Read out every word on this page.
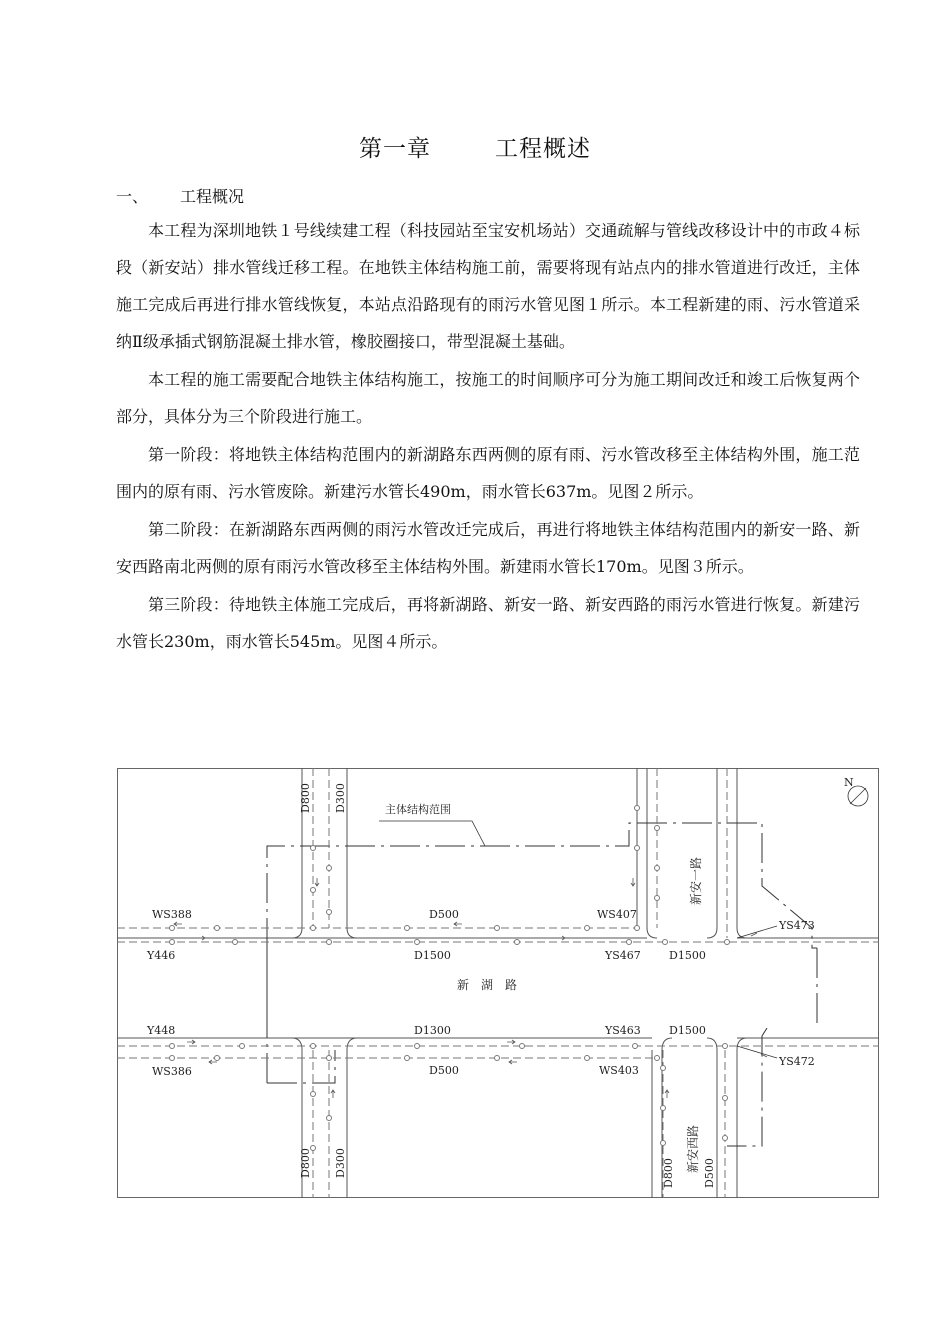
第一章	工程概述
一、 工程概况

本工程为深圳地铁１号线续建工程（科技园站至宝安机场站）交通疏解与管线改移设计中的市政４标段（新安站）排水管线迁移工程。在地铁主体结构施工前，需要将现有站点内的排水管道进行改迁，主体施工完成后再进行排水管线恢复，本站点沿路现有的雨污水管见图１所示。本工程新建的雨、污水管道采纳Ⅱ级承插式钢筋混凝土排水管，橡胶圈接口，带型混凝土基础。

本工程的施工需要配合地铁主体结构施工，按施工的时间顺序可分为施工期间改迁和竣工后恢复两个部分，具体分为三个阶段进行施工。

第一阶段：将地铁主体结构范围内的新湖路东西两侧的原有雨、污水管改移至主体结构外围，施工范围内的原有雨、污水管废除。新建污水管长490m，雨水管长637m。见图２所示。

第二阶段：在新湖路东西两侧的雨污水管改迁完成后，再进行将地铁主体结构范围内的新安一路、新安西路南北两侧的原有雨污水管改移至主体结构外围。新建雨水管长170m。见图３所示。

第三阶段：待地铁主体施工完成后，再将新湖路、新安一路、新安西路的雨污水管进行恢复。新建污水管长230m，雨水管长545m。见图４所示。

N
主体结构范围
新　湖　路
WS388
Y446
D500
D1500
WS407
YS467	D1500
YS473
Y448
WS386
D1300
D500
YS463
WS403
D1500
YS472
D800 D300
D800 D300	D800	D500
新安一路
新安西路
